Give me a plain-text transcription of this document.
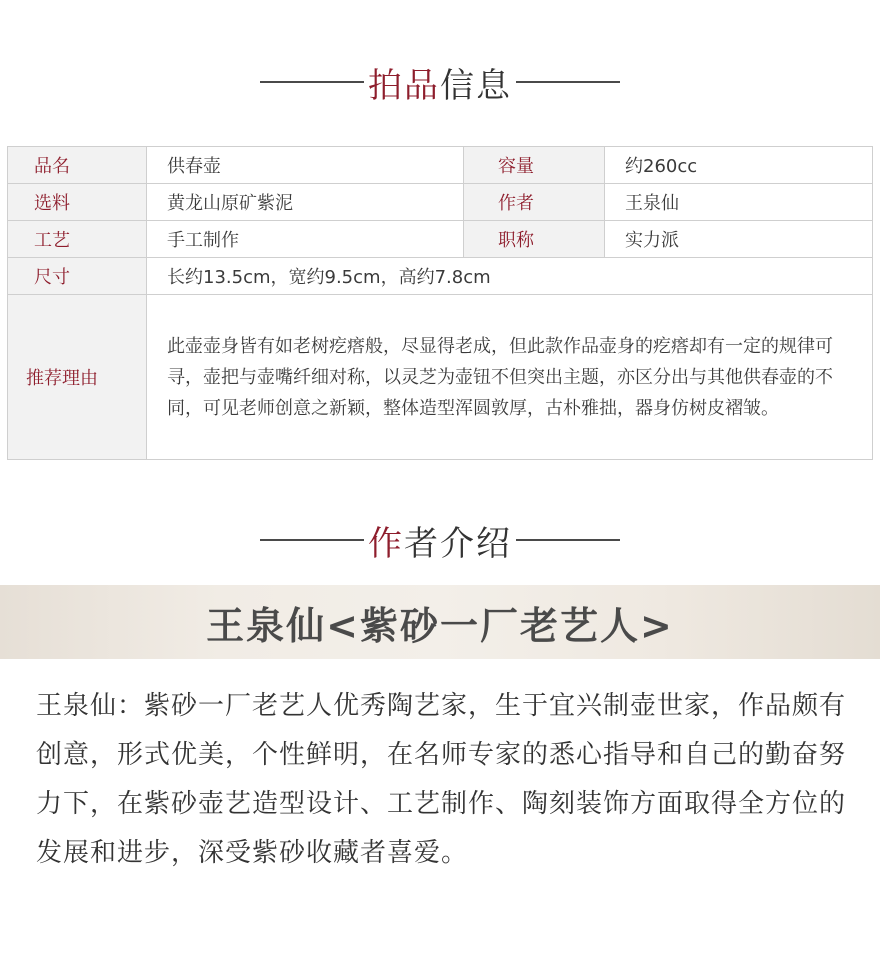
拍品信息
品名	供春壶	容量	约260cc
选料	黄龙山原矿紫泥	作者	王泉仙
工艺	手工制作	职称	实力派
尺寸	长约13.5cm，宽约9.5cm，高约7.8cm		
推荐理由	此壶壶身皆有如老树疙瘩般，尽显得老成，但此款作品壶身的疙瘩却有一定的规律可寻，壶把与壶嘴纤细对称，以灵芝为壶钮不但突出主题，亦区分出与其他供春壶的不同，可见老师创意之新颖，整体造型浑圆敦厚，古朴雅拙，器身仿树皮褶皱。		
作者介绍
王泉仙<紫砂一厂老艺人>
王泉仙：紫砂一厂老艺人优秀陶艺家，生于宜兴制壶世家，作品颇有创意，形式优美，个性鲜明，在名师专家的悉心指导和自己的勤奋努力下，在紫砂壶艺造型设计、工艺制作、陶刻装饰方面取得全方位的发展和进步，深受紫砂收藏者喜爱。
